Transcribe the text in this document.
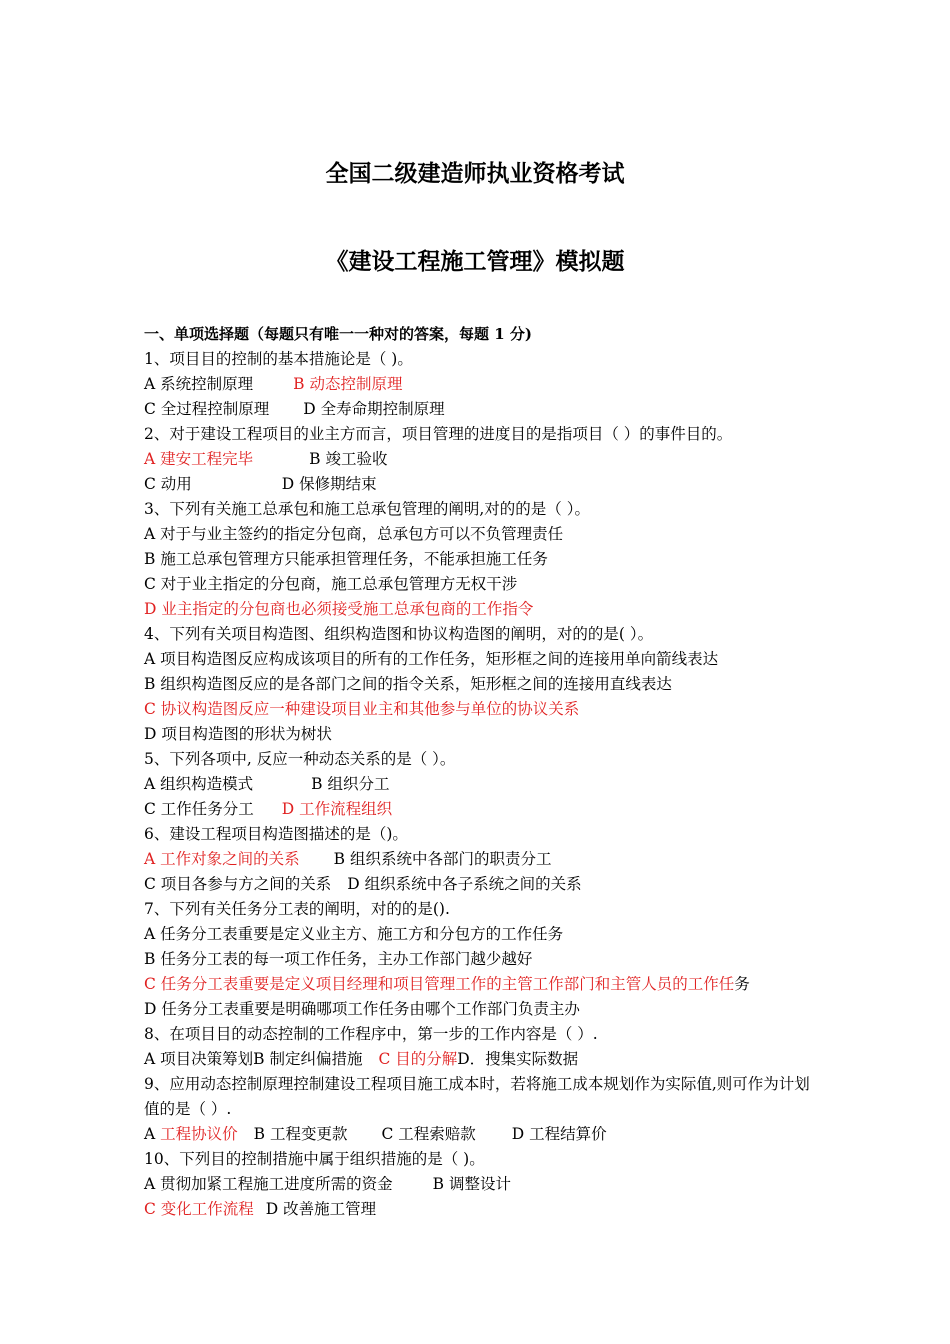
全国二级建造师执业资格考试
《建设工程施工管理》模拟题
一、单项选择题（每题只有唯一一种对的答案，每题 1 分)
1、项目目的控制的基本措施论是（ )。
A 系统控制原理	B 动态控制原理
C 全过程控制原理 D 全寿命期控制原理
2、对于建设工程项目的业主方而言，项目管理的进度目的是指项目（ ）的事件目的。
A 建安工程完毕	B 竣工验收
C 动用	D 保修期结束
3、下列有关施工总承包和施工总承包管理的阐明,对的的是（ ）。
A 对于与业主签约的指定分包商，总承包方可以不负管理责任
B 施工总承包管理方只能承担管理任务，不能承担施工任务
C 对于业主指定的分包商，施工总承包管理方无权干涉
D 业主指定的分包商也必须接受施工总承包商的工作指令
4、下列有关项目构造图、组织构造图和协议构造图的阐明，对的的是( ）。
A 项目构造图反应构成该项目的所有的工作任务，矩形框之间的连接用单向箭线表达
B 组织构造图反应的是各部门之间的指令关系，矩形框之间的连接用直线表达
C 协议构造图反应一种建设项目业主和其他参与单位的协议关系
D 项目构造图的形状为树状
5、下列各项中, 反应一种动态关系的是（ ）。
A 组织构造模式	B 组织分工
C 工作任务分工 D 工作流程组织
6、建设工程项目构造图描述的是（)。
A 工作对象之间的关系 B 组织系统中各部门的职责分工
C 项目各参与方之间的关系 D 组织系统中各子系统之间的关系
7、下列有关任务分工表的阐明，对的的是().
A 任务分工表重要是定义业主方、施工方和分包方的工作任务
B 任务分工表的每一项工作任务，主办工作部门越少越好
C 任务分工表重要是定义项目经理和项目管理工作的主管工作部门和主管人员的工作任务
D 任务分工表重要是明确哪项工作任务由哪个工作部门负责主办
8、在项目目的动态控制的工作程序中，第一步的工作内容是（ ）.
A 项目决策筹划B 制定纠偏措施 C 目的分解D．搜集实际数据
9、应用动态控制原理控制建设工程项目施工成本时，若将施工成本规划作为实际值,则可作为计划值的是（ ）.
A 工程协议价 B 工程变更款 C 工程索赔款 D 工程结算价
10、下列目的控制措施中属于组织措施的是（ )。
A 贯彻加紧工程施工进度所需的资金	B 调整设计
C 变化工作流程 D 改善施工管理
